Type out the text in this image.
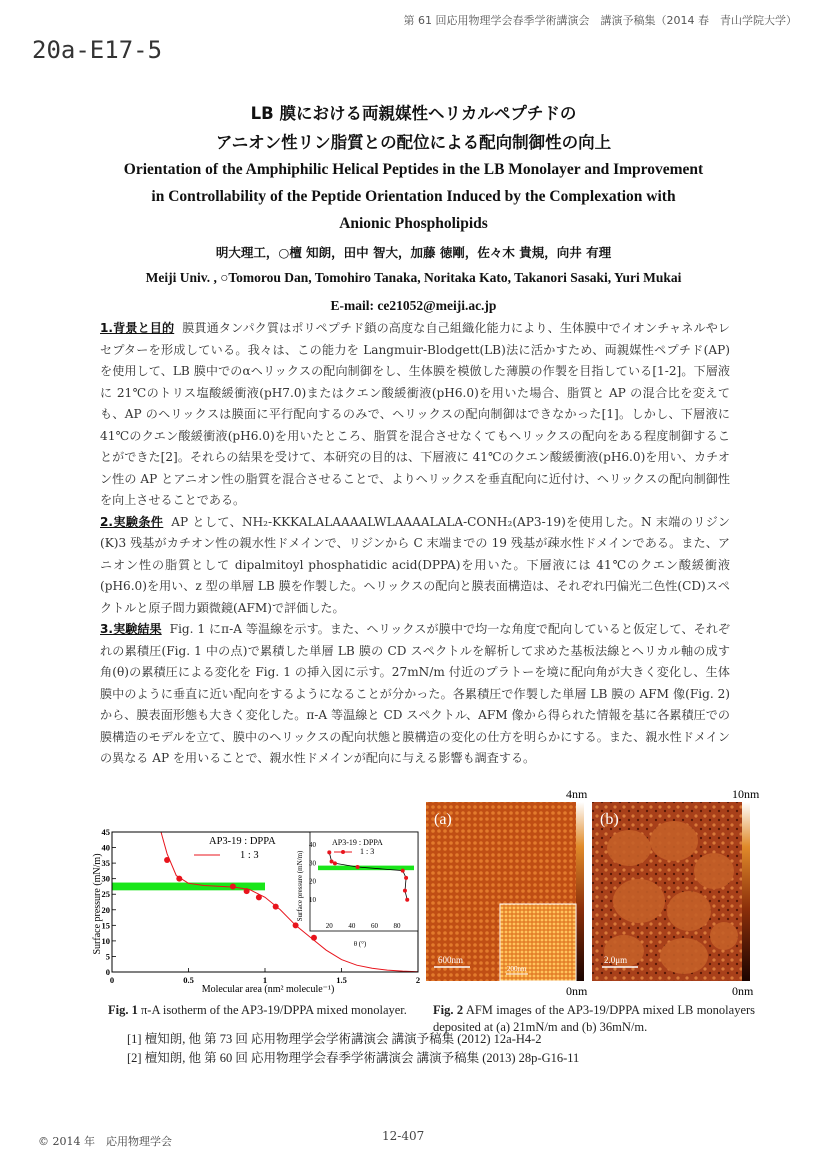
第 61 回応用物理学会春季学術講演会　講演予稿集（2014 春　青山学院大学）
20a-E17-5
LB 膜における両親媒性ヘリカルペプチドの
アニオン性リン脂質との配位による配向制御性の向上
Orientation of the Amphiphilic Helical Peptides in the LB Monolayer and Improvement
in Controllability of the Peptide Orientation Induced by the Complexation with
Anionic Phospholipids
明大理工，○檀 知朗，田中 智大，加藤 徳剛，佐々木 貴規，向井 有理
Meiji Univ. , ○Tomorou Dan, Tomohiro Tanaka, Noritaka Kato, Takanori Sasaki, Yuri Mukai
E-mail: ce21052@meiji.ac.jp

1.背景と目的 膜貫通タンパク質はポリペプチド鎖の高度な自己組織化能力により、生体膜中でイオンチャネルやレセプターを形成している。我々は、この能力を Langmuir-Blodgett(LB)法に活かすため、両親媒性ペプチド(AP)を使用して、LB 膜中でのαヘリックスの配向制御をし、生体膜を模倣した薄膜の作製を目指している[1-2]。下層液に 21℃のトリス塩酸緩衝液(pH7.0)またはクエン酸緩衝液(pH6.0)を用いた場合、脂質と AP の混合比を変えても、AP のヘリックスは膜面に平行配向するのみで、ヘリックスの配向制御はできなかった[1]。しかし、下層液に 41℃のクエン酸緩衝液(pH6.0)を用いたところ、脂質を混合させなくてもヘリックスの配向をある程度制御することができた[2]。それらの結果を受けて、本研究の目的は、下層液に 41℃のクエン酸緩衝液(pH6.0)を用い、カチオン性の AP とアニオン性の脂質を混合させることで、よりヘリックスを垂直配向に近付け、ヘリックスの配向制御性を向上させることである。

2.実験条件 AP として、NH₂-KKKALALAAAALWLAAAALALA-CONH₂(AP3-19)を使用した。N 末端のリジン(K)3 残基がカチオン性の親水性ドメインで、リジンから C 末端までの 19 残基が疎水性ドメインである。また、アニオン性の脂質として dipalmitoyl phosphatidic acid(DPPA)を用いた。下層液には 41℃のクエン酸緩衝液(pH6.0)を用い、z 型の単層 LB 膜を作製した。ヘリックスの配向と膜表面構造は、それぞれ円偏光二色性(CD)スペクトルと原子間力顕微鏡(AFM)で評価した。

3.実験結果 Fig. 1 にπ-A 等温線を示す。また、ヘリックスが膜中で均一な角度で配向していると仮定して、それぞれの累積圧(Fig. 1 中の点)で累積した単層 LB 膜の CD スペクトルを解析して求めた基板法線とヘリカル軸の成す角(θ)の累積圧による変化を Fig. 1 の挿入図に示す。27mN/m 付近のプラトーを境に配向角が大きく変化し、生体膜中のように垂直に近い配向をするようになることが分かった。各累積圧で作製した単層 LB 膜の AFM 像(Fig. 2)から、膜表面形態も大きく変化した。π-A 等温線と CD スペクトル、AFM 像から得られた情報を基に各累積圧での膜構造のモデルを立て、膜中のヘリックスの配向状態と膜構造の変化の仕方を明らかにする。また、親水性ドメインの異なる AP を用いることで、親水性ドメインが配向に与える影響も調査する。

0
5
10
15
20
25
30
35
40
45
0	0.5	1	1.5	2
Surface pressure (mN/m)
Molecular area (nm² molecule⁻¹)
AP3-19 : DPPA
1 : 3
20 40 60 80
10
20
30
40 AP3-19 : DPPA
1 : 3
θ (°)
Surface pressure (mN/m)
4nm	10nm
(a)
600nm
200nm
(b)
2.0μm
0nm	0nm
Fig. 1 π-A isotherm of the AP3-19/DPPA mixed monolayer. Fig. 2 AFM images of the AP3-19/DPPA mixed LB monolayers deposited at (a) 21mN/m and (b) 36mN/m.
[1] 檀知朗, 他 第 73 回 応用物理学会学術講演会 講演予稿集 (2012) 12a-H4-2
[2] 檀知朗, 他 第 60 回 応用物理学会春季学術講演会 講演予稿集 (2013) 28p-G16-11
© 2014 年　応用物理学会	12-407
